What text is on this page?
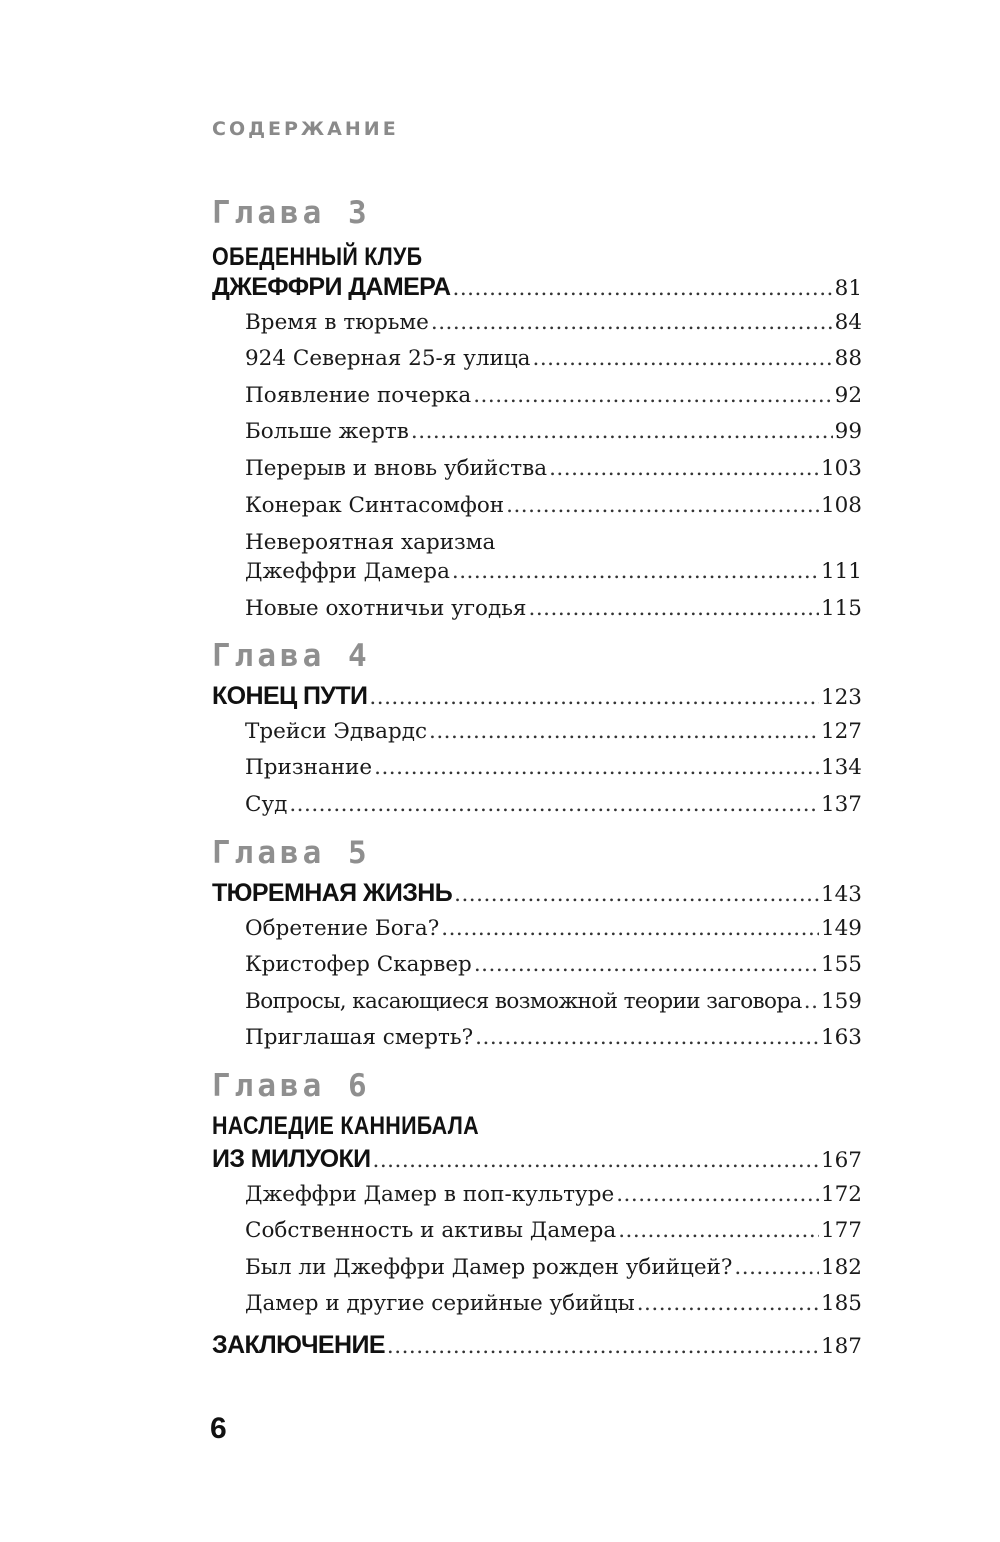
СОДЕРЖАНИЕ
Глава 3
ОБЕДЕННЫЙ КЛУБ
ДЖЕФФРИ ДАМЕРА .....	81
Время в тюрьме .....	84
924 Северная 25-я улица .....	88
Появление почерка .....	92
Больше жертв .....	99
Перерыв и вновь убийства .....	103
Конерак Синтасомфон .....	108
Невероятная харизма
Джеффри Дамера .....	111
Новые охотничьи угодья .....	115
Глава 4
КОНЕЦ ПУТИ .....	123
Трейси Эдвардс .....	127
Признание .....	134
Суд .....	137
Глава 5
ТЮРЕМНАЯ ЖИЗНЬ .....	143
Обретение Бога? .....	149
Кристофер Скарвер .....	155
Вопросы, касающиеся возможной теории заговора ..... 159
Приглашая смерть? .....	163
Глава 6
НАСЛЕДИЕ КАННИБАЛА
ИЗ МИЛУОКИ .....	167
Джеффри Дамер в поп-культуре .....	172
Собственность и активы Дамера .....	177
Был ли Джеффри Дамер рожден убийцей? .....	182
Дамер и другие серийные убийцы .....	185
ЗАКЛЮЧЕНИЕ .....	187
6
